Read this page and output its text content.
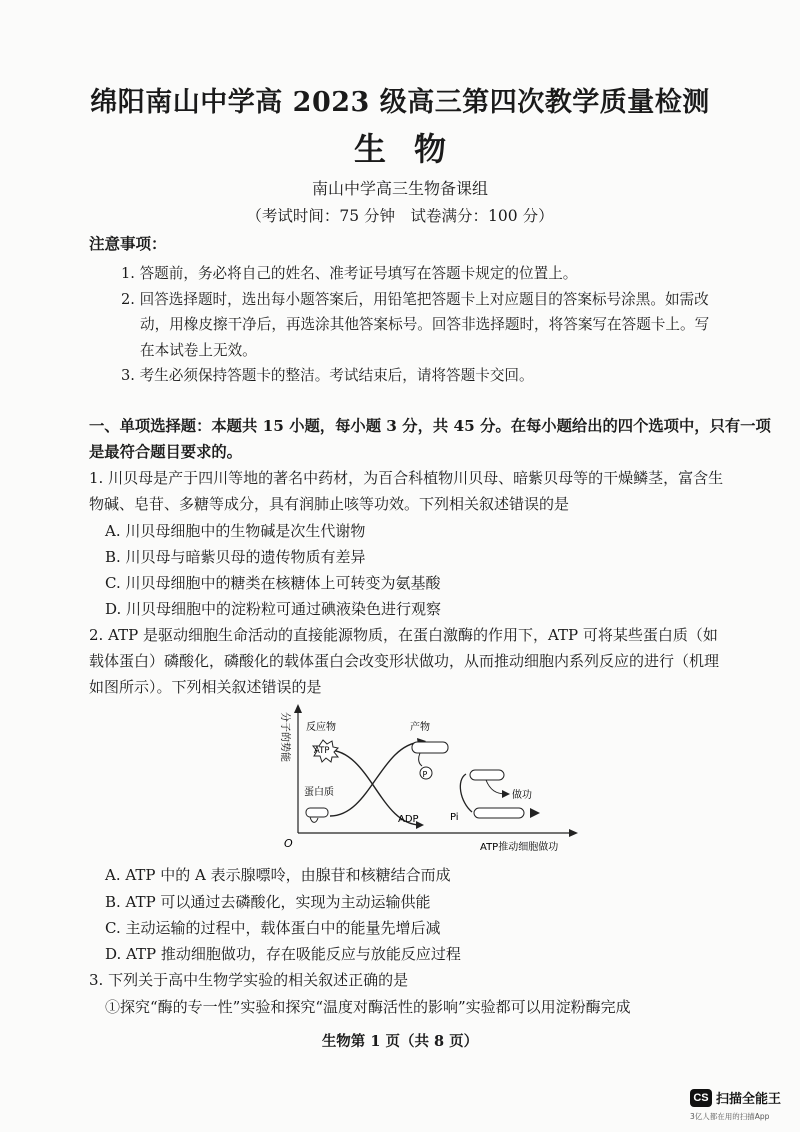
绵阳南山中学高 2023 级高三第四次教学质量检测
生物
南山中学高三生物备课组
（考试时间：75 分钟　试卷满分：100 分）
注意事项：
1. 答题前，务必将自己的姓名、准考证号填写在答题卡规定的位置上。
2. 回答选择题时，选出每小题答案后，用铅笔把答题卡上对应题目的答案标号涂黑。如需改
动，用橡皮擦干净后，再选涂其他答案标号。回答非选择题时，将答案写在答题卡上。写
在本试卷上无效。
3. 考生必须保持答题卡的整洁。考试结束后，请将答题卡交回。
一、单项选择题：本题共 15 小题，每小题 3 分，共 45 分。在每小题给出的四个选项中，只有一项
是最符合题目要求的。
1. 川贝母是产于四川等地的著名中药材，为百合科植物川贝母、暗紫贝母等的干燥鳞茎，富含生
物碱、皂苷、多糖等成分，具有润肺止咳等功效。下列相关叙述错误的是
A. 川贝母细胞中的生物碱是次生代谢物
B. 川贝母与暗紫贝母的遗传物质有差异
C. 川贝母细胞中的糖类在核糖体上可转变为氨基酸
D. 川贝母细胞中的淀粉粒可通过碘液染色进行观察
2. ATP 是驱动细胞生命活动的直接能源物质，在蛋白激酶的作用下，ATP 可将某些蛋白质（如
载体蛋白）磷酸化，磷酸化的载体蛋白会改变形状做功，从而推动细胞内系列反应的进行（机理
如图所示）。下列相关叙述错误的是
O	ATP推动细胞做功
分子的势能 反应物
ATP
蛋白质
产物
P
ADP
做功
Pi
A. ATP 中的 A 表示腺嘌呤，由腺苷和核糖结合而成
B. ATP 可以通过去磷酸化，实现为主动运输供能
C. 主动运输的过程中，载体蛋白中的能量先增后减
D. ATP 推动细胞做功，存在吸能反应与放能反应过程
3. 下列关于高中生物学实验的相关叙述正确的是
①探究“酶的专一性”实验和探究“温度对酶活性的影响”实验都可以用淀粉酶完成
生物第 1 页（共 8 页）
CS 扫描全能王
3亿人都在用的扫描App
